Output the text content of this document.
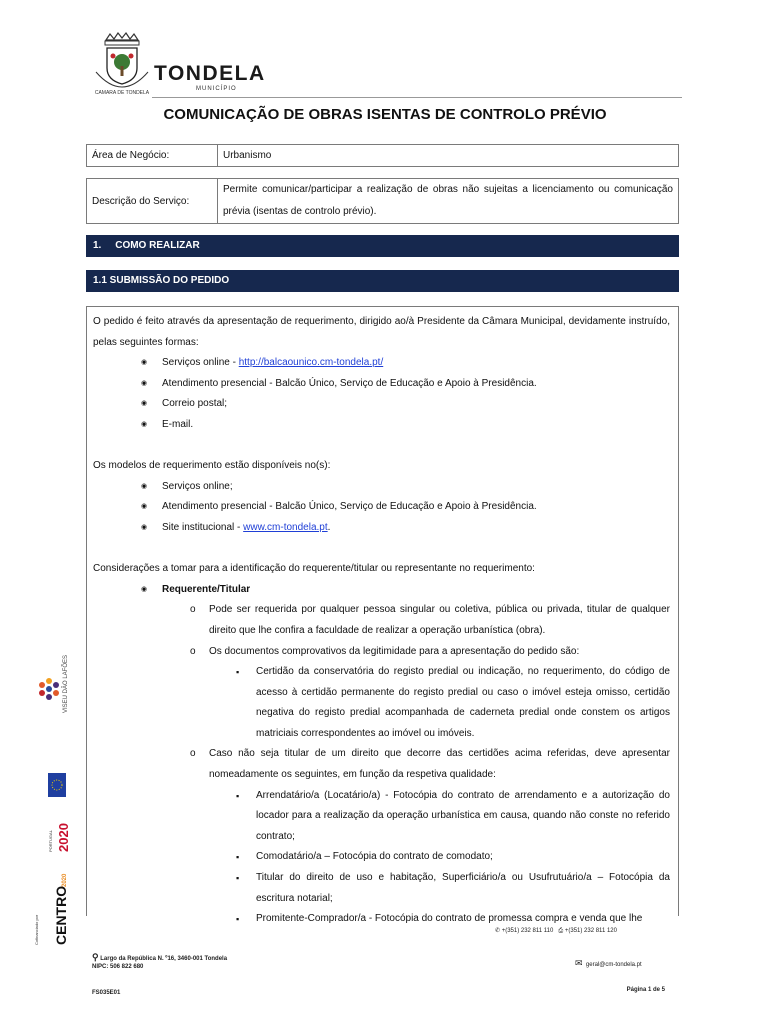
CAMARA DE TONDELA
TONDELA
MUNICÍPIO
COMUNICAÇÃO DE OBRAS ISENTAS DE CONTROLO PRÉVIO
Área de Negócio:	Urbanismo
Descrição do Serviço:	Permite comunicar/participar a realização de obras não sujeitas a licenciamento ou comunicação prévia (isentas de controlo prévio).
1.     COMO REALIZAR
1.1 SUBMISSÃO DO PEDIDO

O pedido é feito através da apresentação de requerimento, dirigido ao/à Presidente da Câmara Municipal, devidamente instruído, pelas seguintes formas:

◉ Serviços online - http://balcaounico.cm-tondela.pt/
◉ Atendimento presencial - Balcão Único, Serviço de Educação e Apoio à Presidência.
◉ Correio postal;
◉ E-mail.

Os modelos de requerimento estão disponíveis no(s):

◉ Serviços online;
◉ Atendimento presencial - Balcão Único, Serviço de Educação e Apoio à Presidência.
◉ Site institucional - www.cm-tondela.pt.

Considerações a tomar para a identificação do requerente/titular ou representante no requerimento:

◉ Requerente/Titular
o Pode ser requerida por qualquer pessoa singular ou coletiva, pública ou privada, titular de qualquer direito que lhe confira a faculdade de realizar a operação urbanística (obra).
o Os documentos comprovativos da legitimidade para a apresentação do pedido são:
▪ Certidão da conservatória do registo predial ou indicação, no requerimento, do código de acesso à certidão permanente do registo predial ou caso o imóvel esteja omisso, certidão negativa do registo predial acompanhada de caderneta predial onde constem os artigos matriciais correspondentes ao imóvel ou imóveis.
o Caso não seja titular de um direito que decorre das certidões acima referidas, deve apresentar nomeadamente os seguintes, em função da respetiva qualidade:
▪ Arrendatário/a (Locatário/a) - Fotocópia do contrato de arrendamento e a autorização do locador para a realização da operação urbanística em causa, quando não conste no referido contrato;
▪ Comodatário/a – Fotocópia do contrato de comodato;
▪ Titular do direito de uso e habitação, Superficiário/a ou Usufrutuário/a – Fotocópia da escritura notarial;
▪ Promitente-Comprador/a - Fotocópia do contrato de promessa compra e venda que lhe
VISEU DÃO LAFÕES
2020
PORTUGAL
CENTRO
2020
Cofinanciado por	✆ +(351) 232 811 110 ⎙ +(351) 232 811 120
⚲ Largo da República N. º16, 3460-001 Tondela
NIPC: 506 822 680	✉ geral@cm-tondela.pt
FS035E01	Página 1 de 5
